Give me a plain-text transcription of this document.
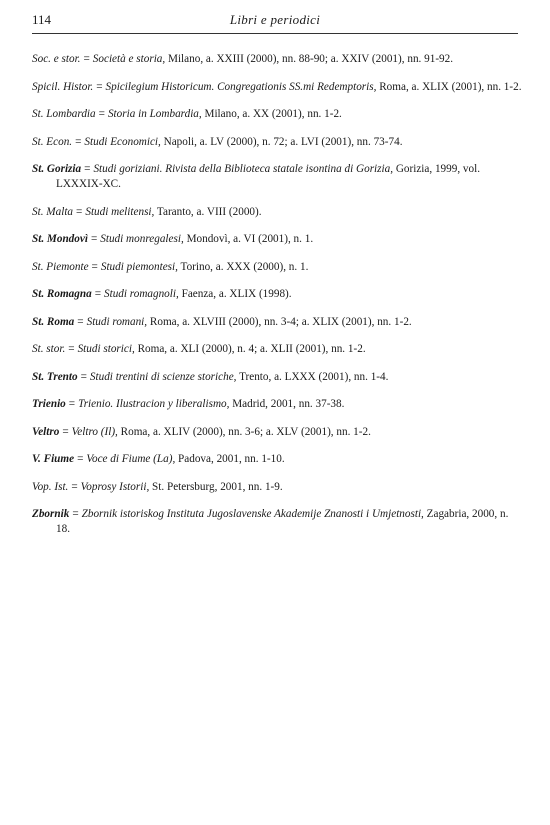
114	Libri e periodici

Soc. e stor. = Società e storia, Milano, a. XXIII (2000), nn. 88-90; a. XXIV (2001), nn. 91-92.

Spicil. Histor. = Spicilegium Historicum. Congregationis SS.mi Redemptoris, Roma, a. XLIX (2001), nn. 1-2.

St. Lombardia = Storia in Lombardia, Milano, a. XX (2001), nn. 1-2.

St. Econ. = Studi Economici, Napoli, a. LV (2000), n. 72; a. LVI (2001), nn. 73-74.

St. Gorizia = Studi goriziani. Rivista della Biblioteca statale isontina di Gorizia, Gorizia, 1999, vol. LXXXIX-XC.

St. Malta = Studi melitensi, Taranto, a. VIII (2000).

St. Mondovì = Studi monregalesi, Mondovì, a. VI (2001), n. 1.

St. Piemonte = Studi piemontesi, Torino, a. XXX (2000), n. 1.

St. Romagna = Studi romagnoli, Faenza, a. XLIX (1998).

St. Roma = Studi romani, Roma, a. XLVIII (2000), nn. 3-4; a. XLIX (2001), nn. 1-2.

St. stor. = Studi storici, Roma, a. XLI (2000), n. 4; a. XLII (2001), nn. 1-2.

St. Trento = Studi trentini di scienze storiche, Trento, a. LXXX (2001), nn. 1-4.

Trienio = Trienio. Ilustracion y liberalismo, Madrid, 2001, nn. 37-38.

Veltro = Veltro (Il), Roma, a. XLIV (2000), nn. 3-6; a. XLV (2001), nn. 1-2.

V. Fiume = Voce di Fiume (La), Padova, 2001, nn. 1-10.

Vop. Ist. = Voprosy Istorii, St. Petersburg, 2001, nn. 1-9.

Zbornik = Zbornik istoriskog Instituta Jugoslavenske Akademije Znanosti i Umjetnosti, Zagabria, 2000, n. 18.
